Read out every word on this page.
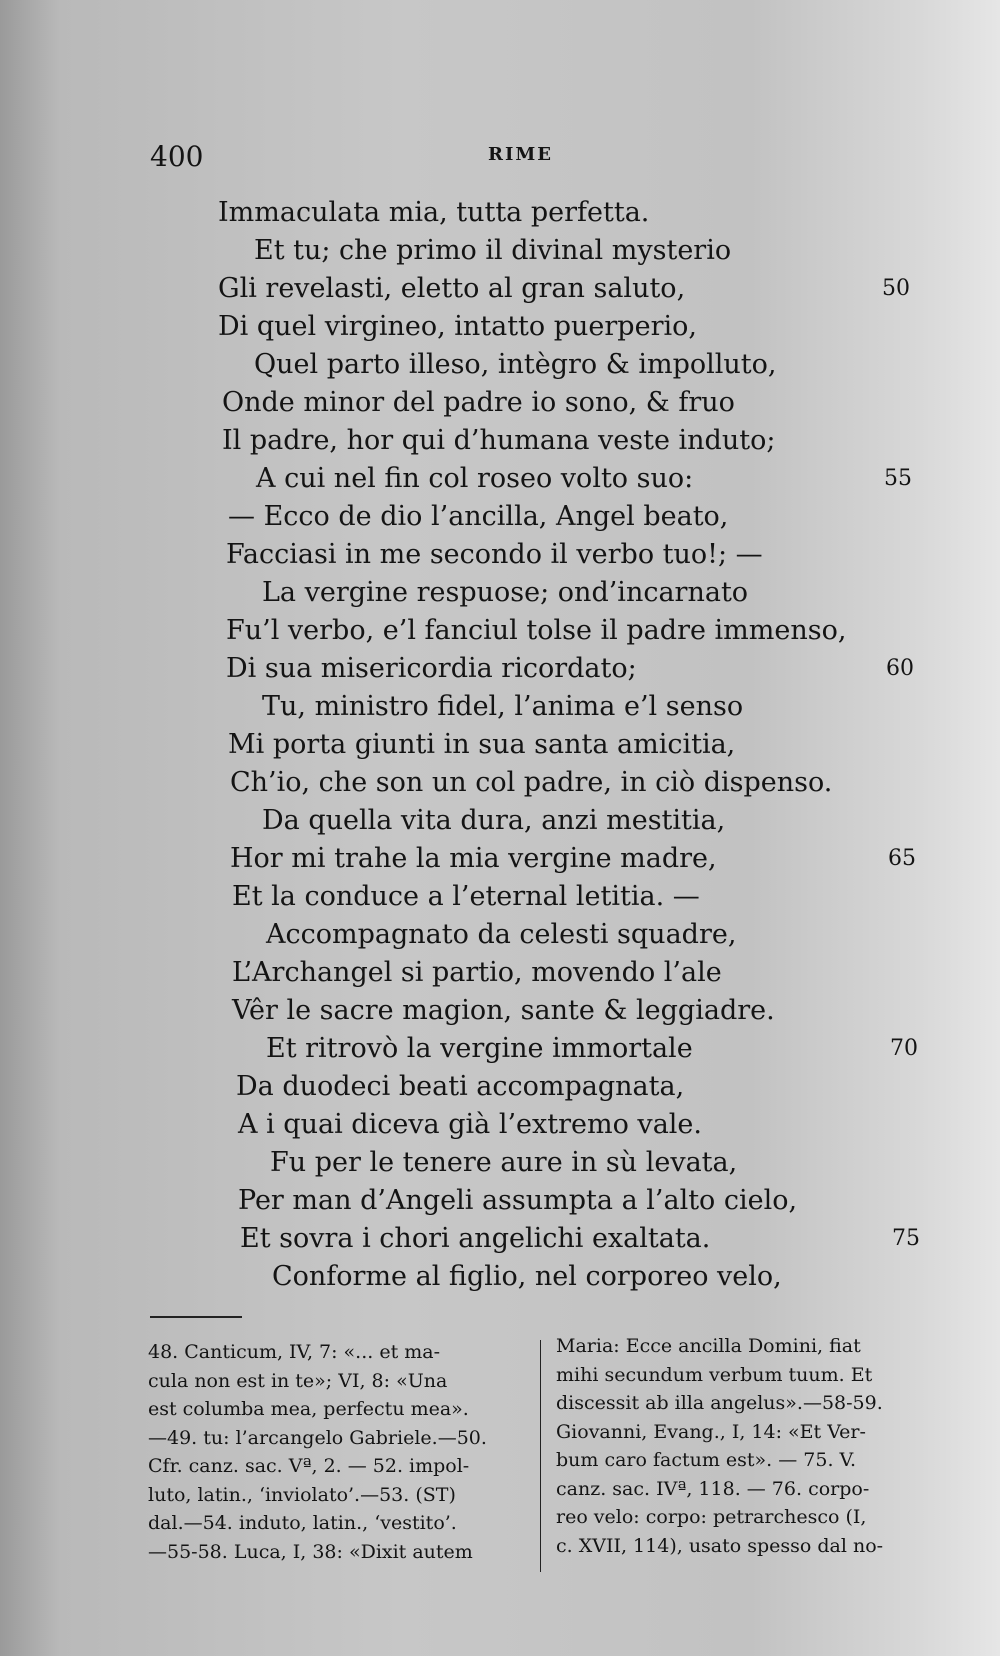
400	RIME
Immaculata mia, tutta perfetta.
Et tu; che primo il divinal mysterio
Gli revelasti, eletto al gran saluto,
Di quel virgineo, intatto puerperio,
Quel parto illeso, intègro & impolluto,
Onde minor del padre io sono, & fruo
Il padre, hor qui d’humana veste induto;
A cui nel fin col roseo volto suo:
— Ecco de dio l’ancilla, Angel beato,
Facciasi in me secondo il verbo tuo!; —
La vergine respuose; ond’incarnato
Fu’l verbo, e’l fanciul tolse il padre immenso,
Di sua misericordia ricordato;
Tu, ministro fidel, l’anima e’l senso
Mi porta giunti in sua santa amicitia,
Ch’io, che son un col padre, in ciò dispenso.
Da quella vita dura, anzi mestitia,
Hor mi trahe la mia vergine madre,
Et la conduce a l’eternal letitia. —
Accompagnato da celesti squadre,
L’Archangel si partio, movendo l’ale
Vêr le sacre magion, sante & leggiadre.
Et ritrovò la vergine immortale
Da duodeci beati accompagnata,
A i quai diceva già l’extremo vale.
Fu per le tenere aure in sù levata,
Per man d’Angeli assumpta a l’alto cielo,
Et sovra i chori angelichi exaltata.
Conforme al figlio, nel corporeo velo,
50
55
60
65
70
75
48. Canticum, IV, 7: «... et ma-
cula non est in te»; VI, 8: «Una
est columba mea, perfectu mea».
—49. tu: l’arcangelo Gabriele.—50.
Cfr. canz. sac. Vª, 2. — 52. impol-
luto, latin., ‘inviolato’.—53. (ST)
dal.—54. induto, latin., ‘vestito’.
—55-58. Luca, I, 38: «Dixit autem
Maria: Ecce ancilla Domini, fiat
mihi secundum verbum tuum. Et
discessit ab illa angelus».—58-59.
Giovanni, Evang., I, 14: «Et Ver-
bum caro factum est». — 75. V.
canz. sac. IVª, 118. — 76. corpo-
reo velo: corpo: petrarchesco (I,
c. XVII, 114), usato spesso dal no-
